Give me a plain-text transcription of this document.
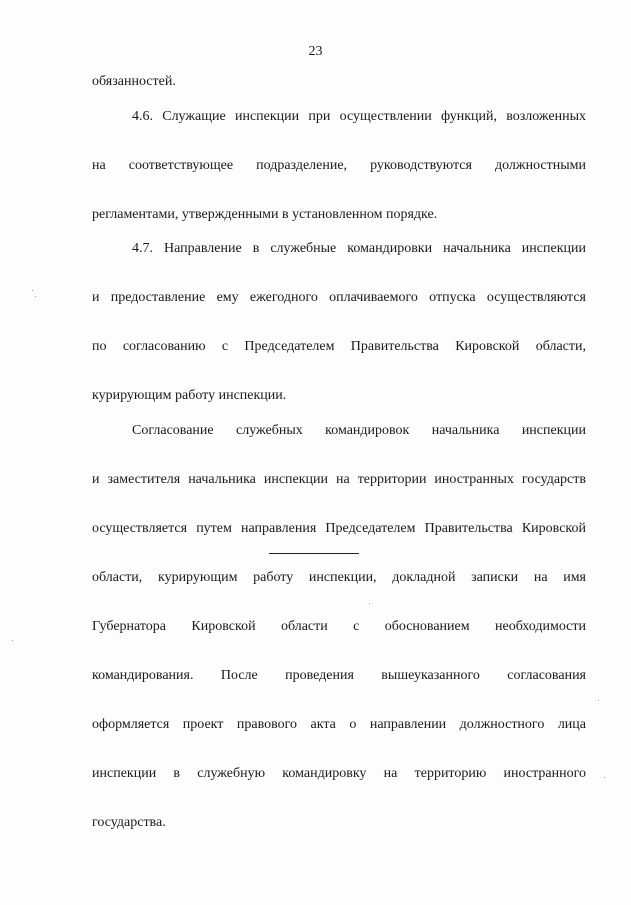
23

обязанностей.

4.6. Служащие инспекции при осуществлении функций, возложенных

на соответствующее подразделение, руководствуются должностными

регламентами, утвержденными в установленном порядке.

4.7. Направление в служебные командировки начальника инспекции

и предоставление ему ежегодного оплачиваемого отпуска осуществляются

по согласованию с Председателем Правительства Кировской области,

курирующим работу инспекции.

Согласование служебных командировок начальника инспекции

и заместителя начальника инспекции на территории иностранных государств

осуществляется путем направления Председателем Правительства Кировской

области, курирующим работу инспекции, докладной записки на имя

Губернатора Кировской области с обоснованием необходимости

командирования. После проведения вышеуказанного согласования

оформляется проект правового акта о направлении должностного лица

инспекции в служебную командировку на территорию иностранного

государства.
